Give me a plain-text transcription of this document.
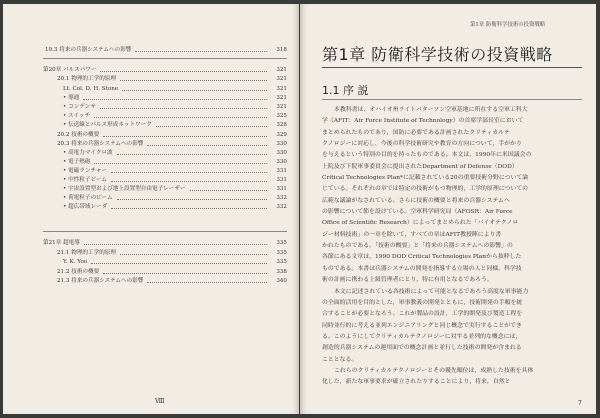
19.3 将来の兵器システムへの影響	318
第20章 パルスパワー	321
20.1 物理的工学的原理	321
Lt. Col. D. H. Stone	321
• 導通	321
• コンデンサ	321
• スイッチ	325
• 伝送線とパルス形成ネットワーク	328
20.2 技術の概要	329
20.3 将来の兵器システムへの影響	330
• 高電力マイクロ波	330
• 電子熱砲	330
• 電磁ランチャー	331
• 中性粒子ビーム	331
• 宇宙設置型および地上設置型自由電子レーザー	331
• 荷電粒子のビーム	332
• 超広帯域レーダ	332
第21章 超電導	335
21.1 物理的工学的原理	335
Y. K. Yoo	335
21.2 技術の概要	338
21.3 将来の兵器システムへの影響	340
Ⅷ
第1章 防衛科学技術の投資戦略
第1章 防衛科学技術の投資戦略
1.1 序 説
本教科書は、オハイオ州ライトパターソン空軍基地に所在する空軍工科大
学（AFIT：Air Force Institute of Technology）の首席学部長室において
まとめられたものであり，国防に必要である計画されたクリティカルテ
クノロジーに対応し，今後の科学技術研究や教育の方向について，手がかり
を与えるという特別の目的を持ったものである。本文は，1990年に米国議会の
上院及び下院軍事委員会に提出されたDepartment of Defense（DOD）
Critical Technologies Plan*に記載されている20の重要技術分野について論
じている。それぞれの章では特定の技術がもつ物理的，工学的原理についての
広範な議論がなされている。さらに技術の概要と将来の兵器システムへ
の影響について節を設けている。空軍科学研究局（AFOSR：Air Force
Office of Scientific Research）によってまとめられた「バイオテクノロ
ジー材料技術」の一章を除いて，すべての章はAFIT教授陣により書
かれたものである。「技術の概要」と「将来の兵器システムへの影響」の
各節にある文章は，1990 DOD Critical Technologies Planから抜粋した
ものである。本書は兵器システムの開発を指導する立場の人と同様，科学技
術の計画に携わる上級管理者にとり，特に有用となるであろう。
本文に記述されている各技術によって可能となるであろう高度な軍事能力
の全面的活用を目的とした，軍事教義の開発とともに，技術開発の手順を統
合することが必要となろう。これが製品の設計，工学的開発及び製造工程を
同時並行的に考える並列エンジニアリングと同じ概念で実行することができ
る。このようにしてクリティカルテクノロジーに対する並列的な概念には，
創造的兵器システムの運用面での概念計画と並行した技術の開発が含まれる
こととなる。
これらのクリティカルテクノロジーとその優先順位は，成熟した技術を具体
化した，新たな軍事要求が確立されたりすることにより，将来，自然と
7
